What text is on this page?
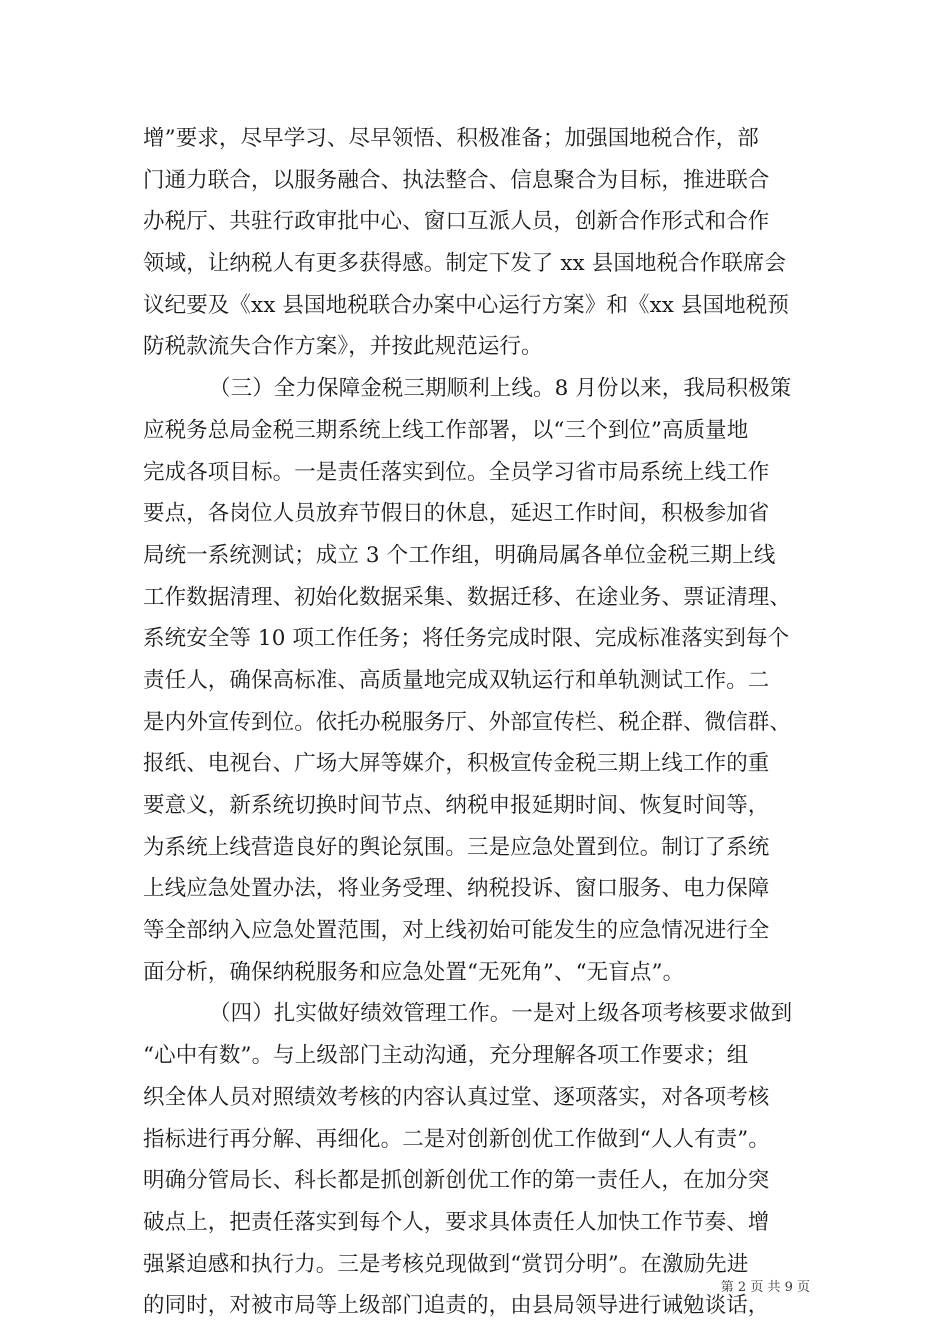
增”要求，尽早学习、尽早领悟、积极准备；加强国地税合作，部
门通力联合，以服务融合、执法整合、信息聚合为目标，推进联合
办税厅、共驻行政审批中心、窗口互派人员，创新合作形式和合作
领域，让纳税人有更多获得感。制定下发了 xx 县国地税合作联席会
议纪要及《xx 县国地税联合办案中心运行方案》和《xx 县国地税预
防税款流失合作方案》，并按此规范运行。
（三）全力保障金税三期顺利上线。8 月份以来，我局积极策
应税务总局金税三期系统上线工作部署，以“三个到位”高质量地
完成各项目标。一是责任落实到位。全员学习省市局系统上线工作
要点，各岗位人员放弃节假日的休息，延迟工作时间，积极参加省
局统一系统测试；成立 3 个工作组，明确局属各单位金税三期上线
工作数据清理、初始化数据采集、数据迁移、在途业务、票证清理、
系统安全等 10 项工作任务；将任务完成时限、完成标准落实到每个
责任人，确保高标准、高质量地完成双轨运行和单轨测试工作。二
是内外宣传到位。依托办税服务厅、外部宣传栏、税企群、微信群、
报纸、电视台、广场大屏等媒介，积极宣传金税三期上线工作的重
要意义，新系统切换时间节点、纳税申报延期时间、恢复时间等，
为系统上线营造良好的舆论氛围。三是应急处置到位。制订了系统
上线应急处置办法，将业务受理、纳税投诉、窗口服务、电力保障
等全部纳入应急处置范围，对上线初始可能发生的应急情况进行全
面分析，确保纳税服务和应急处置“无死角”、“无盲点”。
（四）扎实做好绩效管理工作。一是对上级各项考核要求做到
“心中有数”。与上级部门主动沟通，充分理解各项工作要求；组
织全体人员对照绩效考核的内容认真过堂、逐项落实，对各项考核
指标进行再分解、再细化。二是对创新创优工作做到“人人有责”。
明确分管局长、科长都是抓创新创优工作的第一责任人，在加分突
破点上，把责任落实到每个人，要求具体责任人加快工作节奏、增
强紧迫感和执行力。三是考核兑现做到“赏罚分明”。在激励先进
的同时，对被市局等上级部门追责的，由县局领导进行诫勉谈话，
第 2 页 共 9 页
